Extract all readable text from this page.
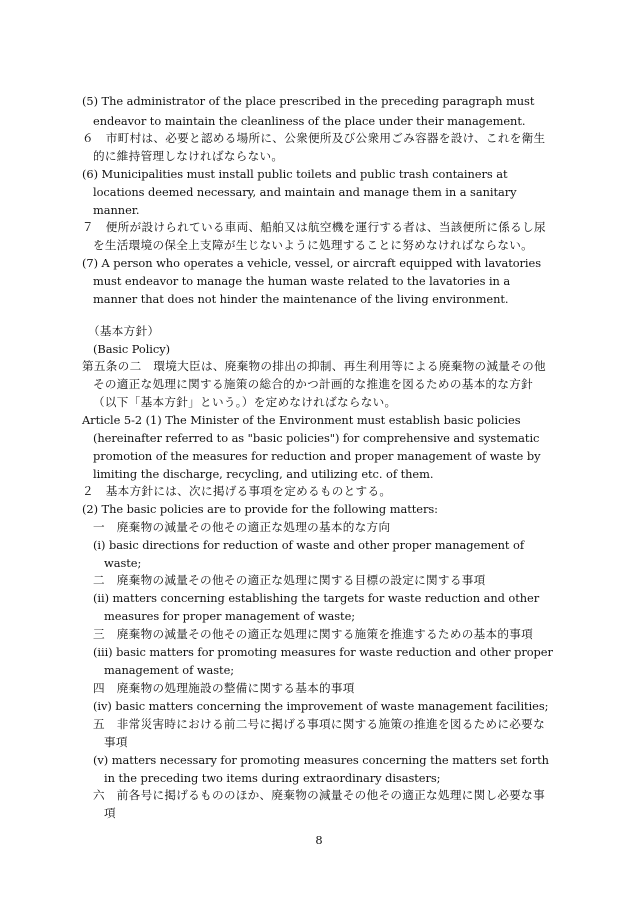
(5) The administrator of the place prescribed in the preceding paragraph must
endeavor to maintain the cleanliness of the place under their management.
６　市町村は、必要と認める場所に、公衆便所及び公衆用ごみ容器を設け、これを衛生
的に維持管理しなければならない。
(6) Municipalities must install public toilets and public trash containers at
locations deemed necessary, and maintain and manage them in a sanitary
manner.
７　便所が設けられている車両、船舶又は航空機を運行する者は、当該便所に係るし尿
を生活環境の保全上支障が生じないように処理することに努めなければならない。
(7) A person who operates a vehicle, vessel, or aircraft equipped with lavatories
must endeavor to manage the human waste related to the lavatories in a
manner that does not hinder the maintenance of the living environment.
（基本方針）
(Basic Policy)
第五条の二　環境大臣は、廃棄物の排出の抑制、再生利用等による廃棄物の減量その他
その適正な処理に関する施策の総合的かつ計画的な推進を図るための基本的な方針
（以下「基本方針」という。）を定めなければならない。
Article 5-2 (1) The Minister of the Environment must establish basic policies
(hereinafter referred to as "basic policies") for comprehensive and systematic
promotion of the measures for reduction and proper management of waste by
limiting the discharge, recycling, and utilizing etc. of them.
２　基本方針には、次に掲げる事項を定めるものとする。
(2) The basic policies are to provide for the following matters:
一　廃棄物の減量その他その適正な処理の基本的な方向
(i) basic directions for reduction of waste and other proper management of
waste;
二　廃棄物の減量その他その適正な処理に関する目標の設定に関する事項
(ii) matters concerning establishing the targets for waste reduction and other
measures for proper management of waste;
三　廃棄物の減量その他その適正な処理に関する施策を推進するための基本的事項
(iii) basic matters for promoting measures for waste reduction and other proper
management of waste;
四　廃棄物の処理施設の整備に関する基本的事項
(iv) basic matters concerning the improvement of waste management facilities;
五　非常災害時における前二号に掲げる事項に関する施策の推進を図るために必要な
事項
(v) matters necessary for promoting measures concerning the matters set forth
in the preceding two items during extraordinary disasters;
六　前各号に掲げるもののほか、廃棄物の減量その他その適正な処理に関し必要な事
項
8
